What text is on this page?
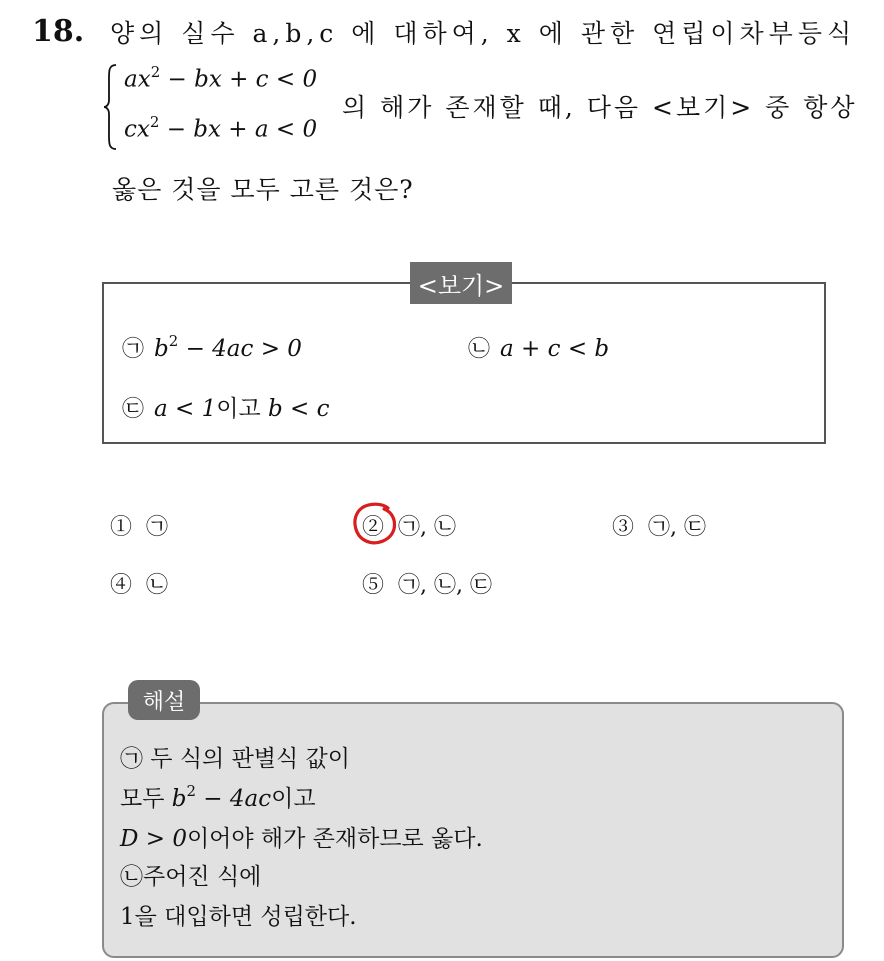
18. 양의 실수 a,b,c 에 대하여, x 에 관한 연립이차부등식
$ax^2$ − bx + c < 0
$cx^2$ − bx + a < 0
의 해가 존재할 때, 다음 <보기> 중 항상
옳은 것을 모두 고른 것은?
<보기>
㉠ $b^2 - 4ac > 0$	㉡ a + c < b
㉢ a < 1이고 b < c
① ㉠	② ㉠, ㉡	③ ㉠, ㉢
④ ㉡	⑤ ㉠, ㉡, ㉢
해설
㉠ 두 식의 판별식 값이
모두 $b^2 - 4ac$이고
D > 0이어야 해가 존재하므로 옳다.
㉡주어진 식에
1을 대입하면 성립한다.
